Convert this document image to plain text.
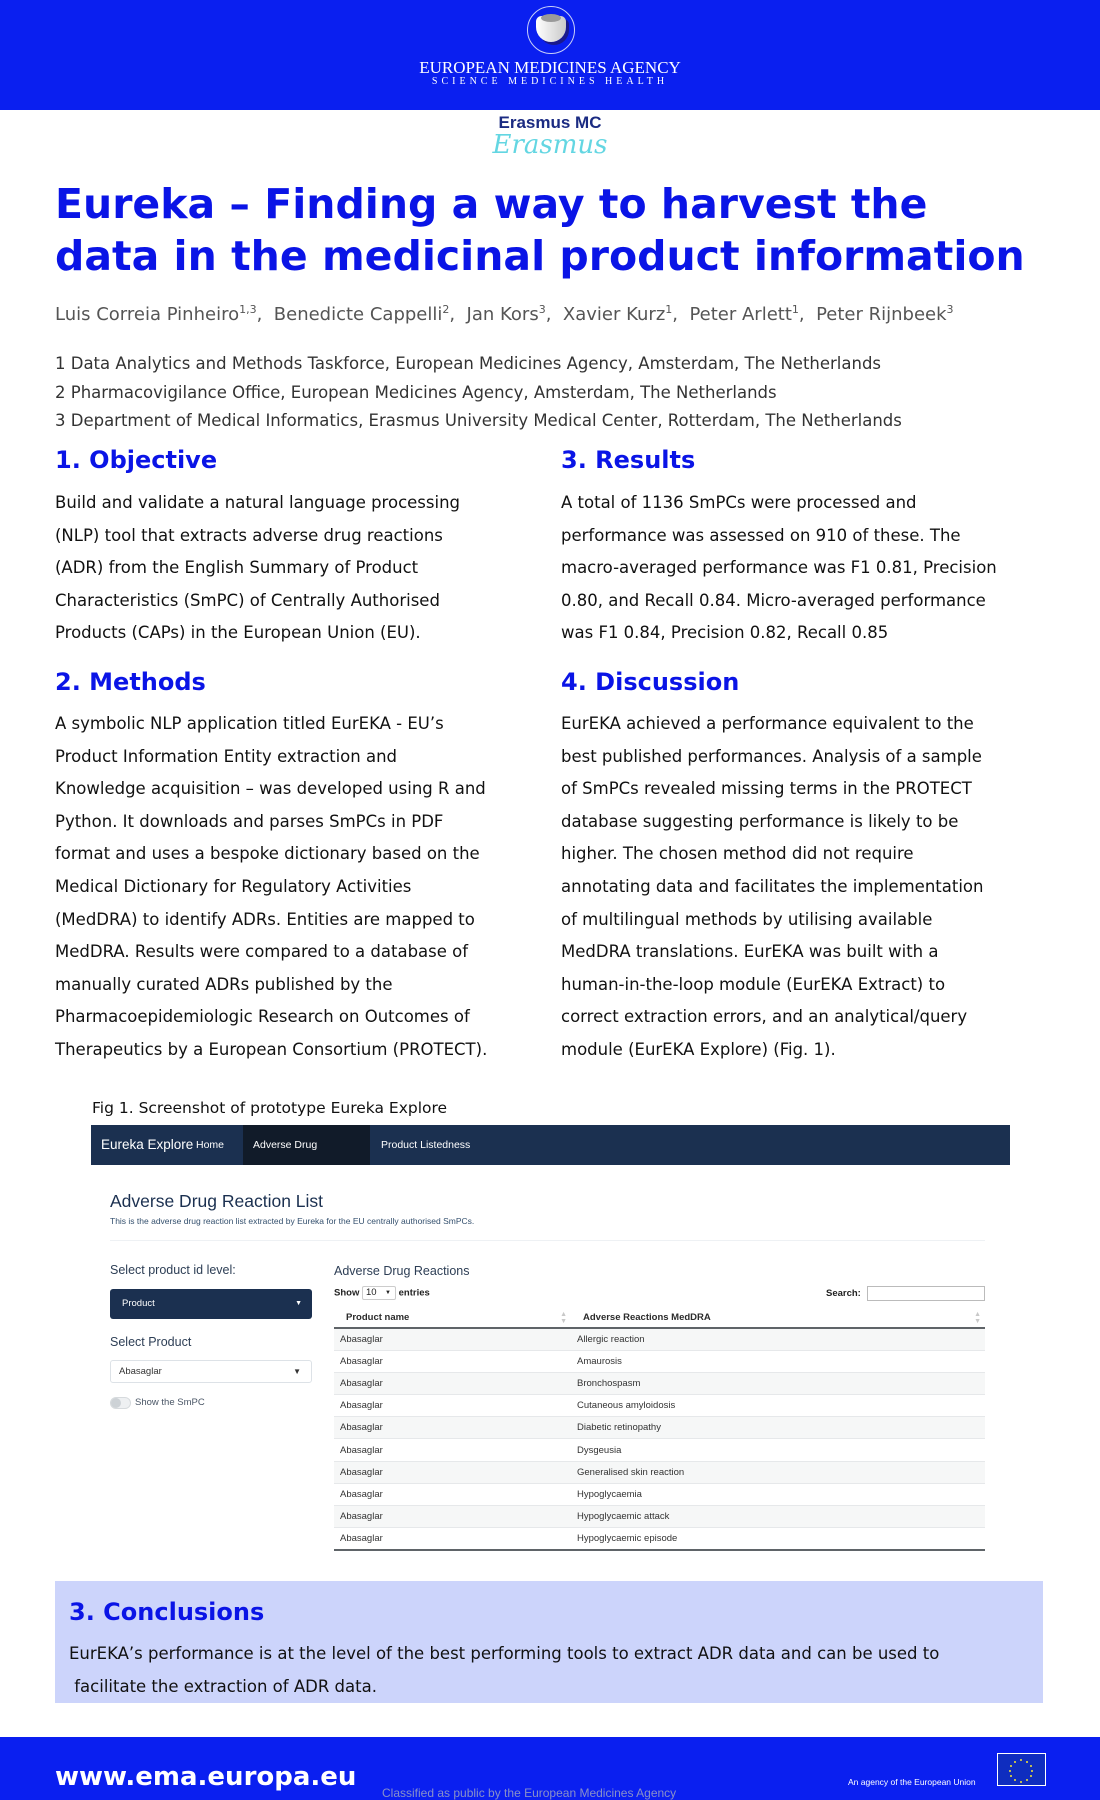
EUROPEAN MEDICINES AGENCY
SCIENCE MEDICINES HEALTH
Erasmus MC
Erasmus
Eureka – Finding a way to harvest the
data in the medicinal product information
Luis Correia Pinheiro$^{1,3}$,  Benedicte Cappelli$^2$,  Jan Kors$^3$,  Xavier Kurz$^1$,  Peter Arlett$^1$,  Peter Rijnbeek$^3$
1 Data Analytics and Methods Taskforce, European Medicines Agency, Amsterdam, The Netherlands
2 Pharmacovigilance Office, European Medicines Agency, Amsterdam, The Netherlands
3 Department of Medical Informatics, Erasmus University Medical Center, Rotterdam, The Netherlands
1. Objective
Build and validate a natural language processing
(NLP) tool that extracts adverse drug reactions
(ADR) from the English Summary of Product
Characteristics (SmPC) of Centrally Authorised
Products (CAPs) in the European Union (EU).
3. Results
A total of 1136 SmPCs were processed and
performance was assessed on 910 of these. The
macro-averaged performance was F1 0.81, Precision
0.80, and Recall 0.84. Micro-averaged performance
was F1 0.84, Precision 0.82, Recall 0.85
2. Methods
A symbolic NLP application titled EurEKA - EU’s
Product Information Entity extraction and
Knowledge acquisition – was developed using R and
Python. It downloads and parses SmPCs in PDF
format and uses a bespoke dictionary based on the
Medical Dictionary for Regulatory Activities
(MedDRA) to identify ADRs. Entities are mapped to
MedDRA. Results were compared to a database of
manually curated ADRs published by the
Pharmacoepidemiologic Research on Outcomes of
Therapeutics by a European Consortium (PROTECT).
4. Discussion
EurEKA achieved a performance equivalent to the
best published performances. Analysis of a sample
of SmPCs revealed missing terms in the PROTECT
database suggesting performance is likely to be
higher. The chosen method did not require
annotating data and facilitates the implementation
of multilingual methods by utilising available
MedDRA translations. EurEKA was built with a
human-in-the-loop module (EurEKA Extract) to
correct extraction errors, and an analytical/query
module (EurEKA Explore) (Fig. 1).
Fig 1. Screenshot of prototype Eureka Explore
Eureka Explore Home	Adverse Drug Reactions
Product Listedness
Adverse Drug Reaction List
This is the adverse drug reaction list extracted by Eureka for the EU centrally authorised SmPCs.
Select product id level:
Product	▼
Select Product
Abasaglar	▼
Show the SmPC
Adverse Drug Reactions
Show 10 ▼ entries	Search:
Product name ▲
▼	Adverse Reactions MedDRA ▲
▼

Abasaglar	Allergic reaction
Abasaglar	Amaurosis
Abasaglar	Bronchospasm
Abasaglar	Cutaneous amyloidosis
Abasaglar	Diabetic retinopathy
Abasaglar	Dysgeusia
Abasaglar	Generalised skin reaction
Abasaglar	Hypoglycaemia
Abasaglar	Hypoglycaemic attack
Abasaglar	Hypoglycaemic episode
3. Conclusions
EurEKA’s performance is at the level of the best performing tools to extract ADR data and can be used to
facilitate the extraction of ADR data.
www.ema.europa.eu
Classified as public by the European Medicines Agency
An agency of the European Union
